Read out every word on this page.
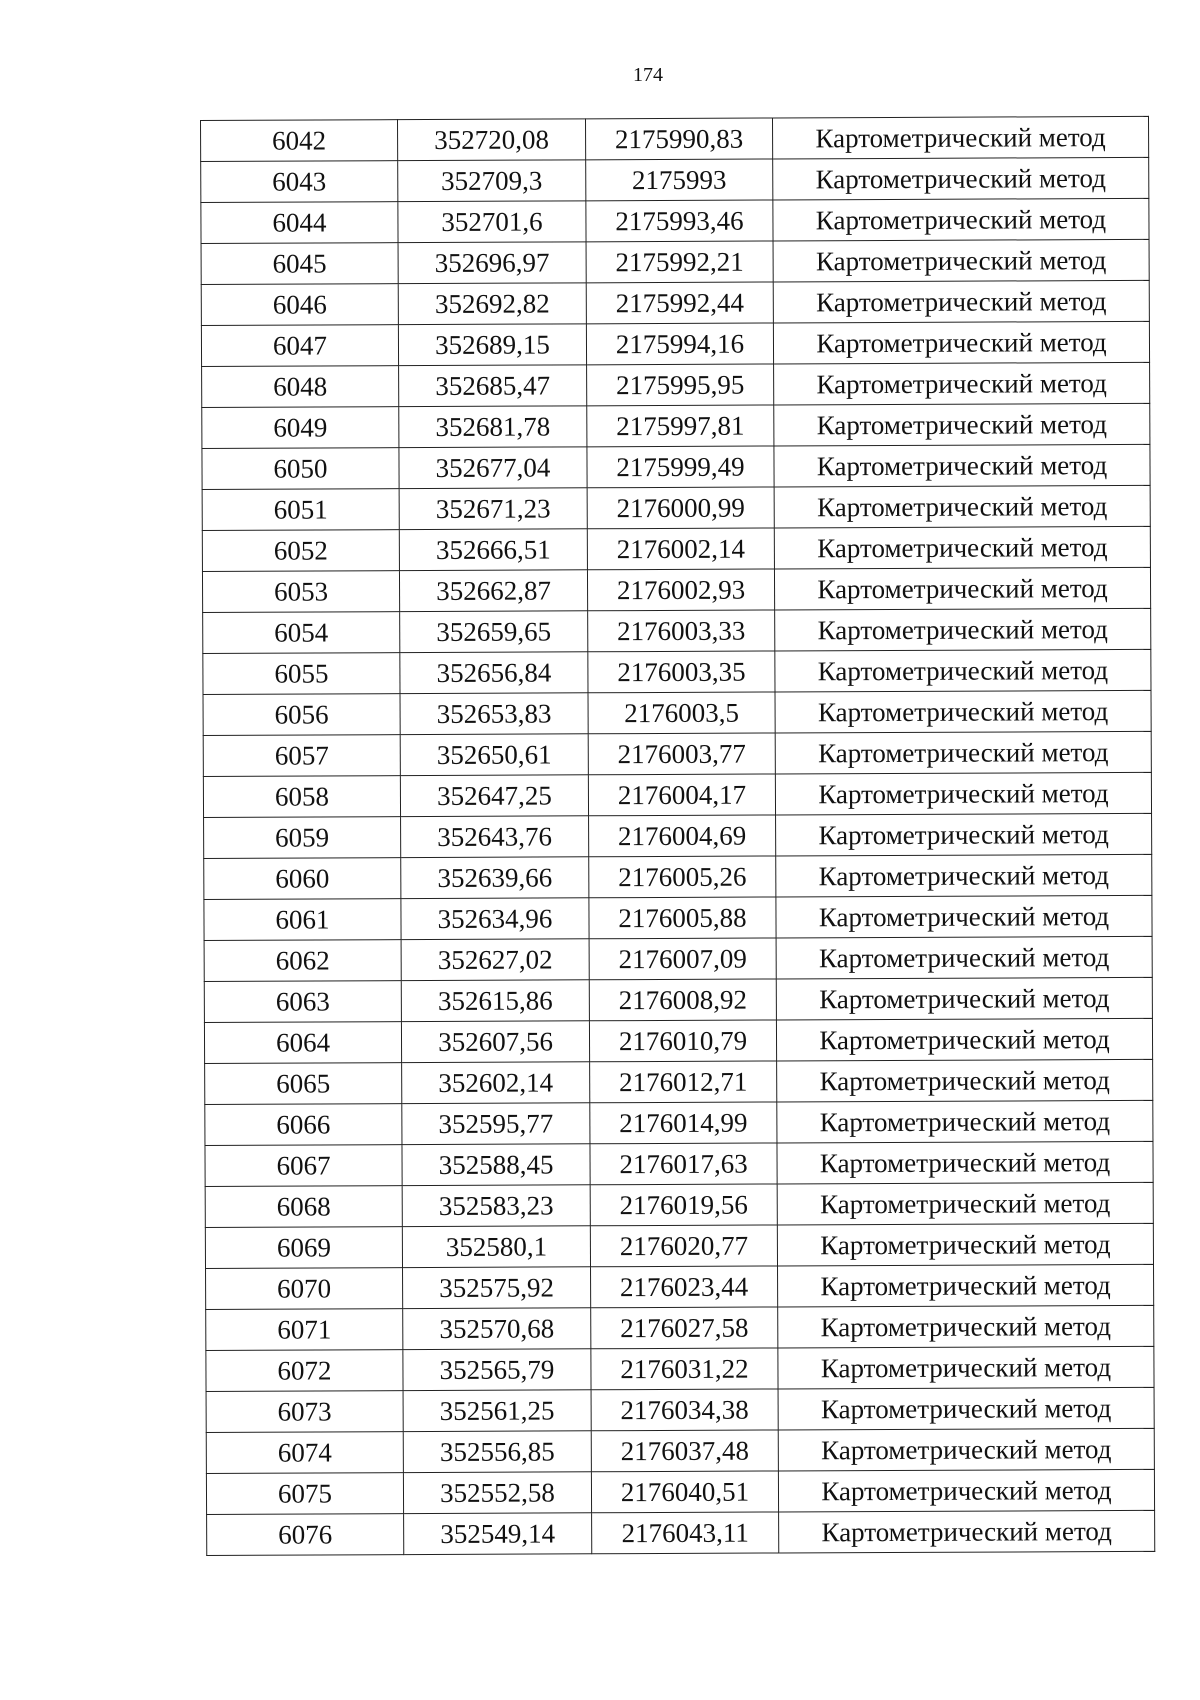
174
6042	352720,08	2175990,83	Картометрический метод
6043	352709,3	2175993	Картометрический метод
6044	352701,6	2175993,46	Картометрический метод
6045	352696,97	2175992,21	Картометрический метод
6046	352692,82	2175992,44	Картометрический метод
6047	352689,15	2175994,16	Картометрический метод
6048	352685,47	2175995,95	Картометрический метод
6049	352681,78	2175997,81	Картометрический метод
6050	352677,04	2175999,49	Картометрический метод
6051	352671,23	2176000,99	Картометрический метод
6052	352666,51	2176002,14	Картометрический метод
6053	352662,87	2176002,93	Картометрический метод
6054	352659,65	2176003,33	Картометрический метод
6055	352656,84	2176003,35	Картометрический метод
6056	352653,83	2176003,5	Картометрический метод
6057	352650,61	2176003,77	Картометрический метод
6058	352647,25	2176004,17	Картометрический метод
6059	352643,76	2176004,69	Картометрический метод
6060	352639,66	2176005,26	Картометрический метод
6061	352634,96	2176005,88	Картометрический метод
6062	352627,02	2176007,09	Картометрический метод
6063	352615,86	2176008,92	Картометрический метод
6064	352607,56	2176010,79	Картометрический метод
6065	352602,14	2176012,71	Картометрический метод
6066	352595,77	2176014,99	Картометрический метод
6067	352588,45	2176017,63	Картометрический метод
6068	352583,23	2176019,56	Картометрический метод
6069	352580,1	2176020,77	Картометрический метод
6070	352575,92	2176023,44	Картометрический метод
6071	352570,68	2176027,58	Картометрический метод
6072	352565,79	2176031,22	Картометрический метод
6073	352561,25	2176034,38	Картометрический метод
6074	352556,85	2176037,48	Картометрический метод
6075	352552,58	2176040,51	Картометрический метод
6076	352549,14	2176043,11	Картометрический метод
